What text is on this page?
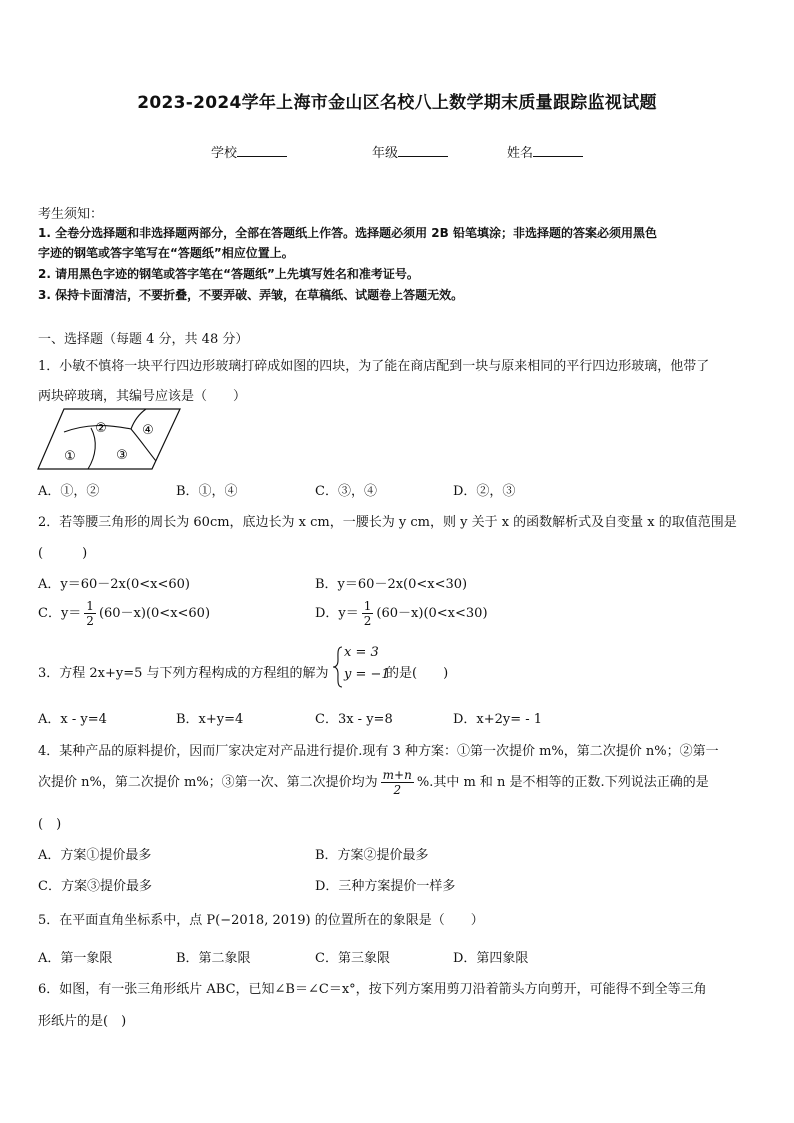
2023-2024学年上海市金山区名校八上数学期末质量跟踪监视试题
学校	年级	姓名
考生须知：
1. 全卷分选择题和非选择题两部分，全部在答题纸上作答。选择题必须用 2B 铅笔填涂；非选择题的答案必须用黑色
字迹的钢笔或答字笔写在“答题纸”相应位置上。
2. 请用黑色字迹的钢笔或答字笔在“答题纸”上先填写姓名和准考证号。
3. 保持卡面清洁，不要折叠，不要弄破、弄皱，在草稿纸、试题卷上答题无效。
一、选择题（每题 4 分，共 48 分）
1．小敏不慎将一块平行四边形玻璃打碎成如图的四块，为了能在商店配到一块与原来相同的平行四边形玻璃，他带了
两块碎玻璃，其编号应该是（　　）
①
②
③
④
A．①，②	B．①，④	C．③，④	D．②，③
2．若等腰三角形的周长为 60cm，底边长为 x cm，一腰长为 y cm，则 y 关于 x 的函数解析式及自变量 x 的取值范围是
(　　　)
A．y＝60－2x(0<x<60)	B．y＝60－2x(0<x<30)
C．$y= \frac{1}{2} (60-x)(0<x<60)$	D．$y= \frac{1}{2} (60-x)(0<x<30)$
3．方程 2x+y=5 与下列方程构成的方程组的解为
x = 3
y = −1
的是(　　)
A．x - y=4	B．x+y=4	C．3x - y=8	D．x+2y= - 1
4．某种产品的原料提价，因而厂家决定对产品进行提价.现有 3 种方案：①第一次提价 m%，第二次提价 n%；②第一
次提价 n%，第二次提价 m%；③第一次、第二次提价均为 $\frac{m+n}{2}$ %.其中 m 和 n 是不相等的正数.下列说法正确的是
(　)
A．方案①提价最多	B．方案②提价最多
C．方案③提价最多	D．三种方案提价一样多
5．在平面直角坐标系中，点 P(−2018, 2019) 的位置所在的象限是（　　）
A．第一象限	B．第二象限	C．第三象限	D．第四象限
6．如图，有一张三角形纸片 ABC，已知∠B＝∠C＝x°，按下列方案用剪刀沿着箭头方向剪开，可能得不到全等三角
形纸片的是(　)
